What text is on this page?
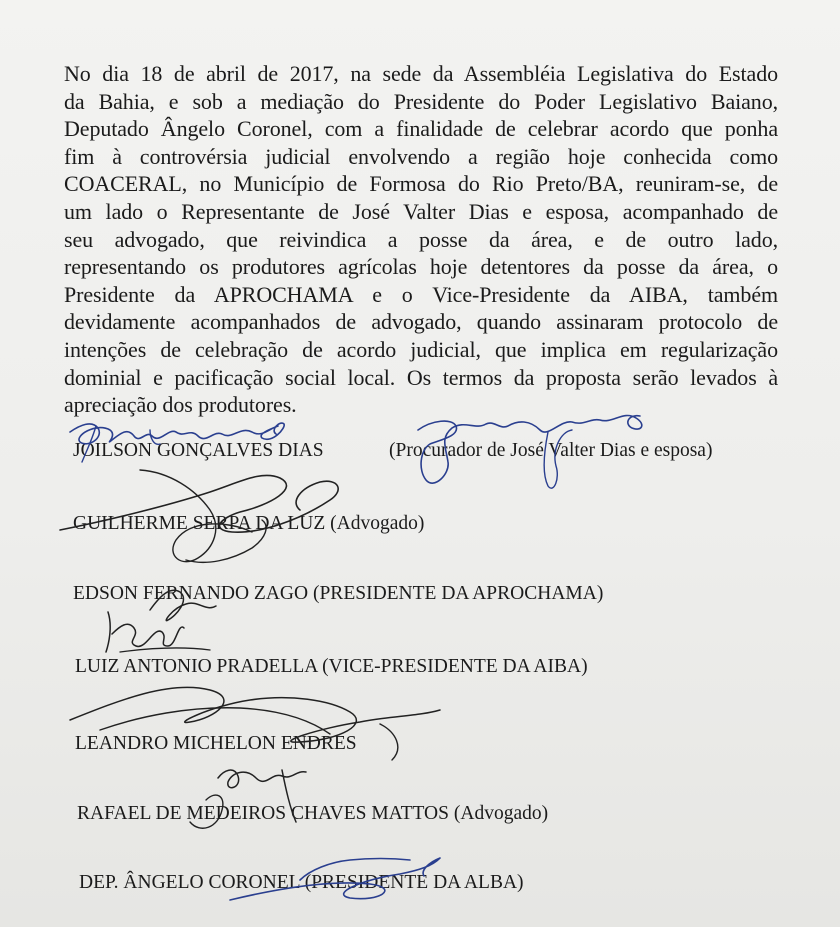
No dia 18 de abril de 2017, na sede da Assembléia Legislativa do Estado
da Bahia, e sob a mediação do Presidente do Poder Legislativo Baiano,
Deputado Ângelo Coronel, com a finalidade de celebrar acordo que ponha
fim à controvérsia judicial envolvendo a região hoje conhecida como
COACERAL, no Município de Formosa do Rio Preto/BA, reuniram-se, de
um lado o Representante de José Valter Dias e esposa, acompanhado de
seu advogado, que reivindica a posse da área, e de outro lado,
representando os produtores agrícolas hoje detentores da posse da área, o
Presidente da APROCHAMA e o Vice-Presidente da AIBA, também
devidamente acompanhados de advogado, quando assinaram protocolo de
intenções de celebração de acordo judicial, que implica em regularização
dominial e pacificação social local. Os termos da proposta serão levados à
apreciação dos produtores.
JOILSON GONÇALVES DIAS	(Procurador de José Valter Dias e esposa)
GUILHERME SERPA DA LUZ (Advogado)
EDSON FERNANDO ZAGO (PRESIDENTE DA APROCHAMA)
LUIZ ANTONIO PRADELLA (VICE-PRESIDENTE DA AIBA)
LEANDRO MICHELON ENDRES
RAFAEL DE MEDEIROS CHAVES MATTOS (Advogado)
DEP. ÂNGELO CORONEL (PRESIDENTE DA ALBA)
